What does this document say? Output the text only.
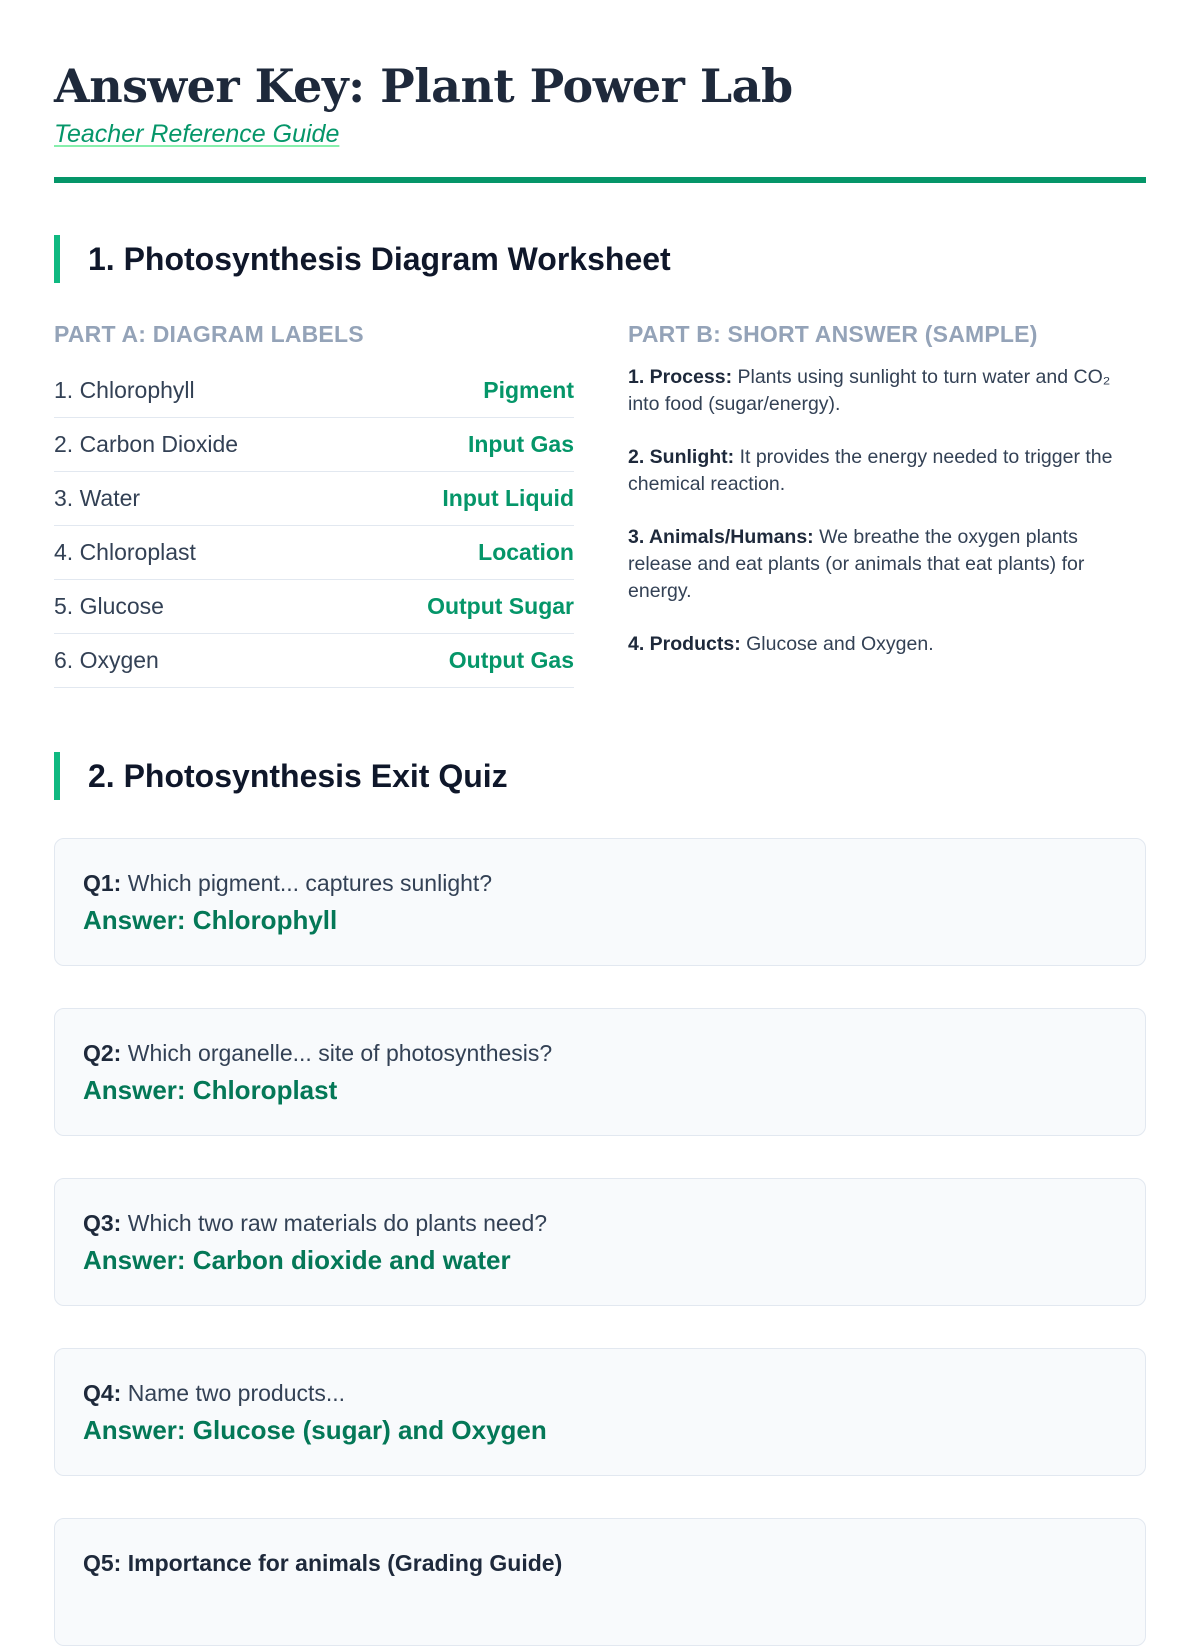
Answer Key: Plant Power Lab
Teacher Reference Guide
1. Photosynthesis Diagram Worksheet
PART A: DIAGRAM LABELS
1. Chlorophyll	Pigment
2. Carbon Dioxide	Input Gas
3. Water	Input Liquid
4. Chloroplast	Location
5. Glucose	Output Sugar
6. Oxygen	Output Gas
PART B: SHORT ANSWER (SAMPLE)
1. Process: Plants using sunlight to turn water and CO₂ into food (sugar/energy).
2. Sunlight: It provides the energy needed to trigger the chemical reaction.
3. Animals/Humans: We breathe the oxygen plants release and eat plants (or animals that eat plants) for energy.
4. Products: Glucose and Oxygen.
2. Photosynthesis Exit Quiz
Q1: Which pigment... captures sunlight?
Answer: Chlorophyll
Q2: Which organelle... site of photosynthesis?
Answer: Chloroplast
Q3: Which two raw materials do plants need?
Answer: Carbon dioxide and water
Q4: Name two products...
Answer: Glucose (sugar) and Oxygen
Q5: Importance for animals (Grading Guide)
